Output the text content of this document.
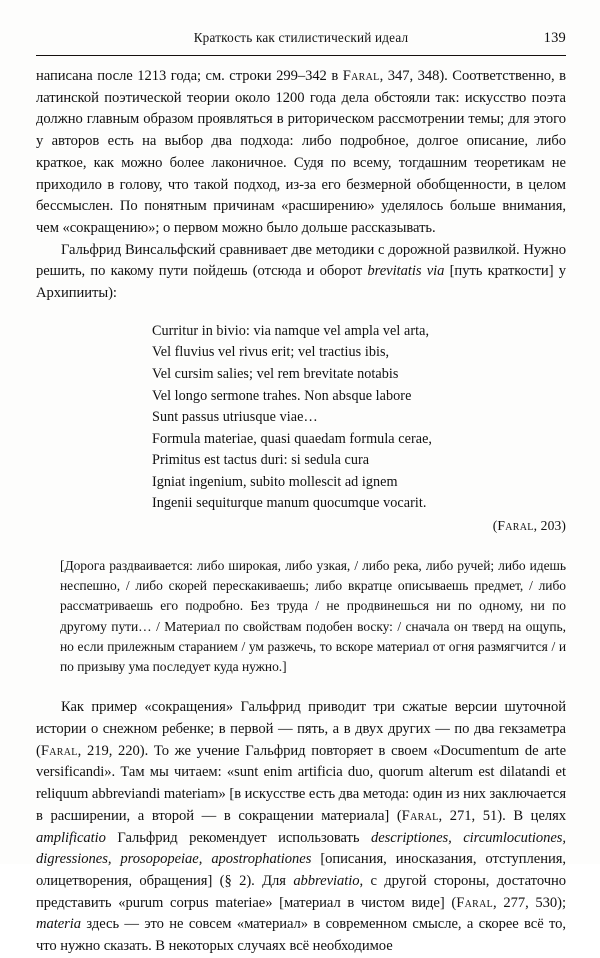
Краткость как стилистический идеал	139

написана после 1213 года; см. строки 299–342 в Faral, 347, 348). Соответственно, в латинской поэтической теории около 1200 года дела обстояли так: искусство поэта должно главным образом проявляться в риторическом рассмотрении темы; для этого у авторов есть на выбор два подхода: либо подробное, долгое описание, либо краткое, как можно более лаконичное. Судя по всему, тогдашним теоретикам не приходило в голову, что такой подход, из-за его безмерной обобщенности, в целом бессмыслен. По понятным причинам «расширению» уделялось больше внимания, чем «сокращению»; о первом можно было дольше рассказывать.

Гальфрид Винсальфский сравнивает две методики с дорожной развилкой. Нужно решить, по какому пути пойдешь (отсюда и оборот brevitatis via [путь краткости] у Архипииты):

Curritur in bivio: via namque vel ampla vel arta,
Vel fluvius vel rivus erit; vel tractius ibis,
Vel cursim salies; vel rem brevitate notabis
Vel longo sermone trahes. Non absque labore
Sunt passus utriusque viae…
Formula materiae, quasi quaedam formula cerae,
Primitus est tactus duri: si sedula cura
Igniat ingenium, subito mollescit ad ignem
Ingenii sequiturque manum quocumque vocarit.
(Faral, 203)

[Дорога раздваивается: либо широкая, либо узкая, / либо река, либо ручей; либо идешь неспешно, / либо скорей перескакиваешь; либо вкратце описываешь предмет, / либо рассматриваешь его подробно. Без труда / не продвинешься ни по одному, ни по другому пути… / Материал по свойствам подобен воску: / сначала он тверд на ощупь, но если прилежным старанием / ум разжечь, то вскоре материал от огня размягчится / и по призыву ума последует куда нужно.]

Как пример «сокращения» Гальфрид приводит три сжатые версии шуточной истории о снежном ребенке; в первой — пять, а в двух других — по два гекзаметра (Faral, 219, 220). То же учение Гальфрид повторяет в своем «Documentum de arte versificandi». Там мы читаем: «sunt enim artificia duo, quorum alterum est dilatandi et reliquum abbreviandi materiam» [в искусстве есть два метода: один из них заключается в расширении, а второй — в сокращении материала] (Faral, 271, 51). В целях amplificatio Гальфрид рекомендует использовать descriptiones, circumlocutiones, digressiones, prosopopeiae, apostrophationes [описания, иносказания, отступления, олицетворения, обращения] (§ 2). Для abbreviatio, с другой стороны, достаточно представить «purum corpus materiae» [материал в чистом виде] (Faral, 277, 530); materia здесь — это не совсем «материал» в современном смысле, а скорее всё то, что нужно сказать. В некоторых случаях всё необходимое
